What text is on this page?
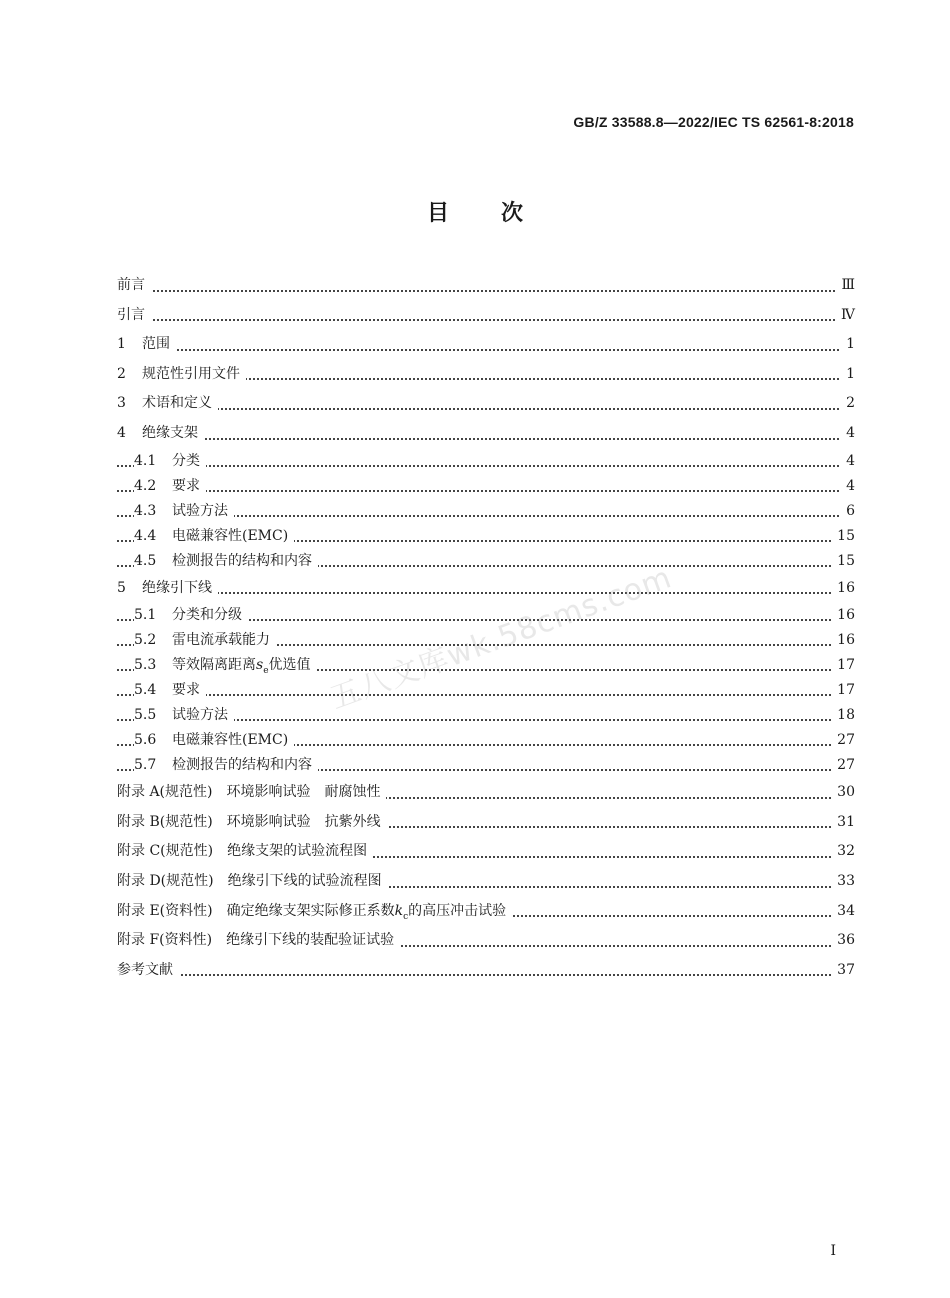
GB/Z 33588.8—2022/IEC TS 62561-8:2018
目次
前言	Ⅲ
引言	Ⅳ
1 范围	1
2 规范性引用文件	1
3 术语和定义	2
4 绝缘支架	4
4.1 分类	4
4.2 要求	4
4.3 试验方法	6
4.4 电磁兼容性(EMC)	15
4.5 检测报告的结构和内容	15
5 绝缘引下线	16
5.1 分类和分级	16
5.2 雷电流承载能力	16
5.3 等效隔离距离$s_e$优选值	17
5.4 要求	17
5.5 试验方法	18
5.6 电磁兼容性(EMC)	27
5.7 检测报告的结构和内容	27
附录 A(规范性) 环境影响试验　耐腐蚀性	30
附录 B(规范性) 环境影响试验　抗紫外线	31
附录 C(规范性) 绝缘支架的试验流程图	32
附录 D(规范性) 绝缘引下线的试验流程图	33
附录 E(资料性) 确定绝缘支架实际修正系数$k_c$的高压冲击试验	34
附录 F(资料性) 绝缘引下线的装配验证试验	36
参考文献	37
五八文库wk.58cms.com
I
